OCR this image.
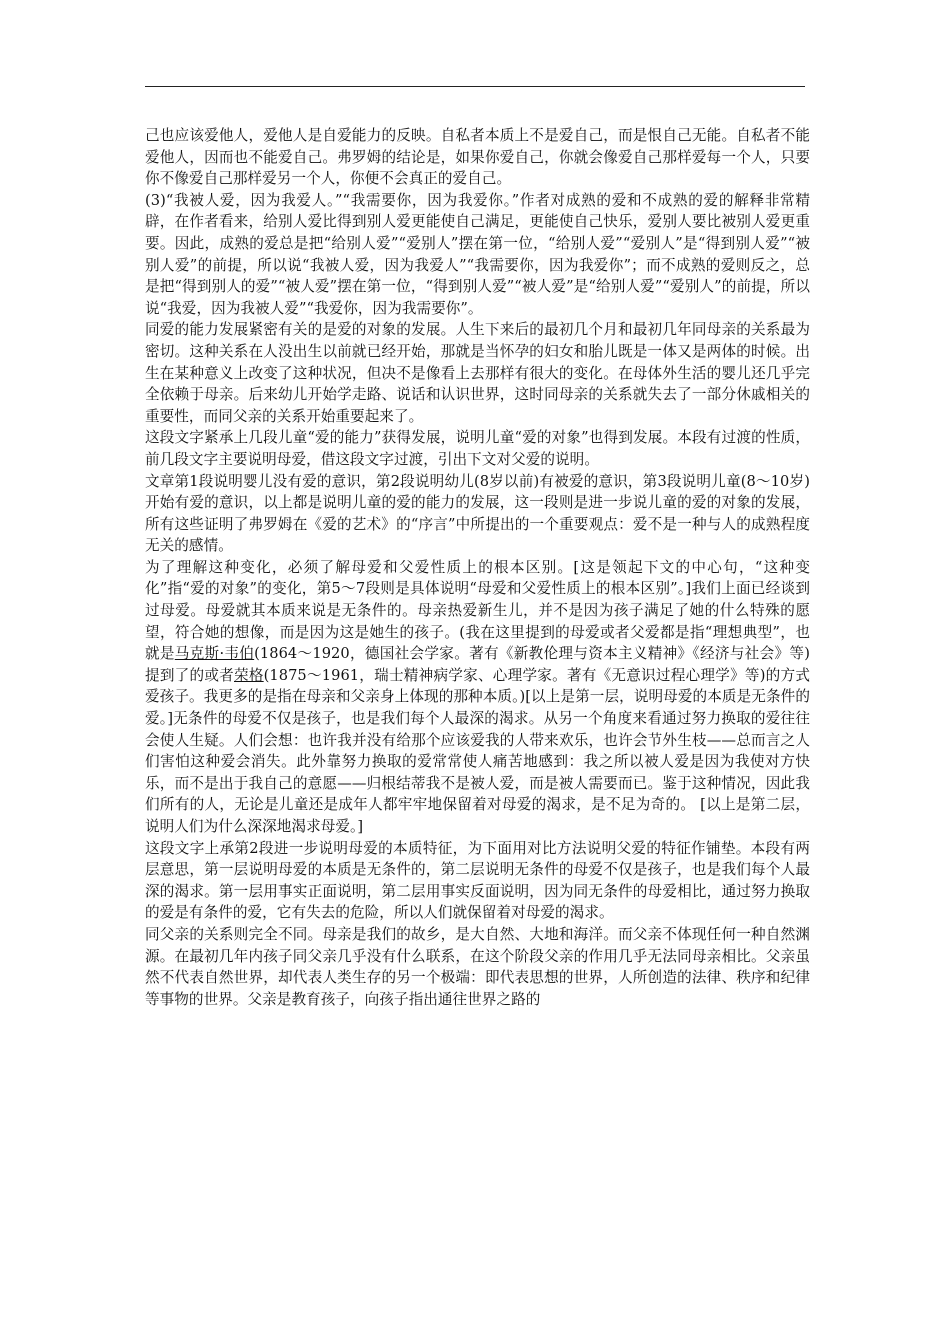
己也应该爱他人，爱他人是自爱能力的反映。自私者本质上不是爱自己，而是恨自己无能。自私者不能爱他人，因而也不能爱自己。弗罗姆的结论是，如果你爱自己，你就会像爱自己那样爱每一个人，只要你不像爱自己那样爱另一个人，你便不会真正的爱自己。

(3)“我被人爱，因为我爱人。”“我需要你，因为我爱你。”作者对成熟的爱和不成熟的爱的解释非常精辟，在作者看来，给别人爱比得到别人爱更能使自己满足，更能使自己快乐，爱别人要比被别人爱更重要。因此，成熟的爱总是把“给别人爱”“爱别人”摆在第一位，“给别人爱”“爱别人”是“得到别人爱”“被别人爱”的前提，所以说“我被人爱，因为我爱人”“我需要你，因为我爱你”；而不成熟的爱则反之，总是把“得到别人的爱”“被人爱”摆在第一位，“得到别人爱”“被人爱”是“给别人爱”“爱别人”的前提，所以说“我爱，因为我被人爱”“我爱你，因为我需要你”。

同爱的能力发展紧密有关的是爱的对象的发展。人生下来后的最初几个月和最初几年同母亲的关系最为密切。这种关系在人没出生以前就已经开始，那就是当怀孕的妇女和胎儿既是一体又是两体的时候。出生在某种意义上改变了这种状况，但决不是像看上去那样有很大的变化。在母体外生活的婴儿还几乎完全依赖于母亲。后来幼儿开始学走路、说话和认识世界，这时同母亲的关系就失去了一部分休戚相关的重要性，而同父亲的关系开始重要起来了。

这段文字紧承上几段儿童“爱的能力”获得发展，说明儿童“爱的对象”也得到发展。本段有过渡的性质，前几段文字主要说明母爱，借这段文字过渡，引出下文对父爱的说明。

文章第1段说明婴儿没有爱的意识，第2段说明幼儿(8岁以前)有被爱的意识，第3段说明儿童(8～10岁)开始有爱的意识，以上都是说明儿童的爱的能力的发展，这一段则是进一步说儿童的爱的对象的发展，所有这些证明了弗罗姆在《爱的艺术》的“序言”中所提出的一个重要观点：爱不是一种与人的成熟程度无关的感情。

为了理解这种变化，必须了解母爱和父爱性质上的根本区别。[这是领起下文的中心句，“这种变化”指“爱的对象”的变化，第5～7段则是具体说明“母爱和父爱性质上的根本区别”。]我们上面已经谈到过母爱。母爱就其本质来说是无条件的。母亲热爱新生儿，并不是因为孩子满足了她的什么特殊的愿望，符合她的想像，而是因为这是她生的孩子。(我在这里提到的母爱或者父爱都是指“理想典型”，也就是马克斯·韦伯(1864～1920，德国社会学家。著有《新教伦理与资本主义精神》《经济与社会》等)提到了的或者荣格(1875～1961，瑞士精神病学家、心理学家。著有《无意识过程心理学》等)的方式爱孩子。我更多的是指在母亲和父亲身上体现的那种本质。)[以上是第一层，说明母爱的本质是无条件的爱。]无条件的母爱不仅是孩子，也是我们每个人最深的渴求。从另一个角度来看通过努力换取的爱往往会使人生疑。人们会想：也许我并没有给那个应该爱我的人带来欢乐，也许会节外生枝——总而言之人们害怕这种爱会消失。此外靠努力换取的爱常常使人痛苦地感到：我之所以被人爱是因为我使对方快乐，而不是出于我自己的意愿——归根结蒂我不是被人爱，而是被人需要而已。鉴于这种情况，因此我们所有的人，无论是儿童还是成年人都牢牢地保留着对母爱的渴求，是不足为奇的。 [以上是第二层，说明人们为什么深深地渴求母爱。]

这段文字上承第2段进一步说明母爱的本质特征，为下面用对比方法说明父爱的特征作铺垫。本段有两层意思，第一层说明母爱的本质是无条件的，第二层说明无条件的母爱不仅是孩子，也是我们每个人最深的渴求。第一层用事实正面说明，第二层用事实反面说明，因为同无条件的母爱相比，通过努力换取的爱是有条件的爱，它有失去的危险，所以人们就保留着对母爱的渴求。

同父亲的关系则完全不同。母亲是我们的故乡，是大自然、大地和海洋。而父亲不体现任何一种自然渊源。在最初几年内孩子同父亲几乎没有什么联系，在这个阶段父亲的作用几乎无法同母亲相比。父亲虽然不代表自然世界，却代表人类生存的另一个极端：即代表思想的世界，人所创造的法律、秩序和纪律等事物的世界。父亲是教育孩子，向孩子指出通往世界之路的
